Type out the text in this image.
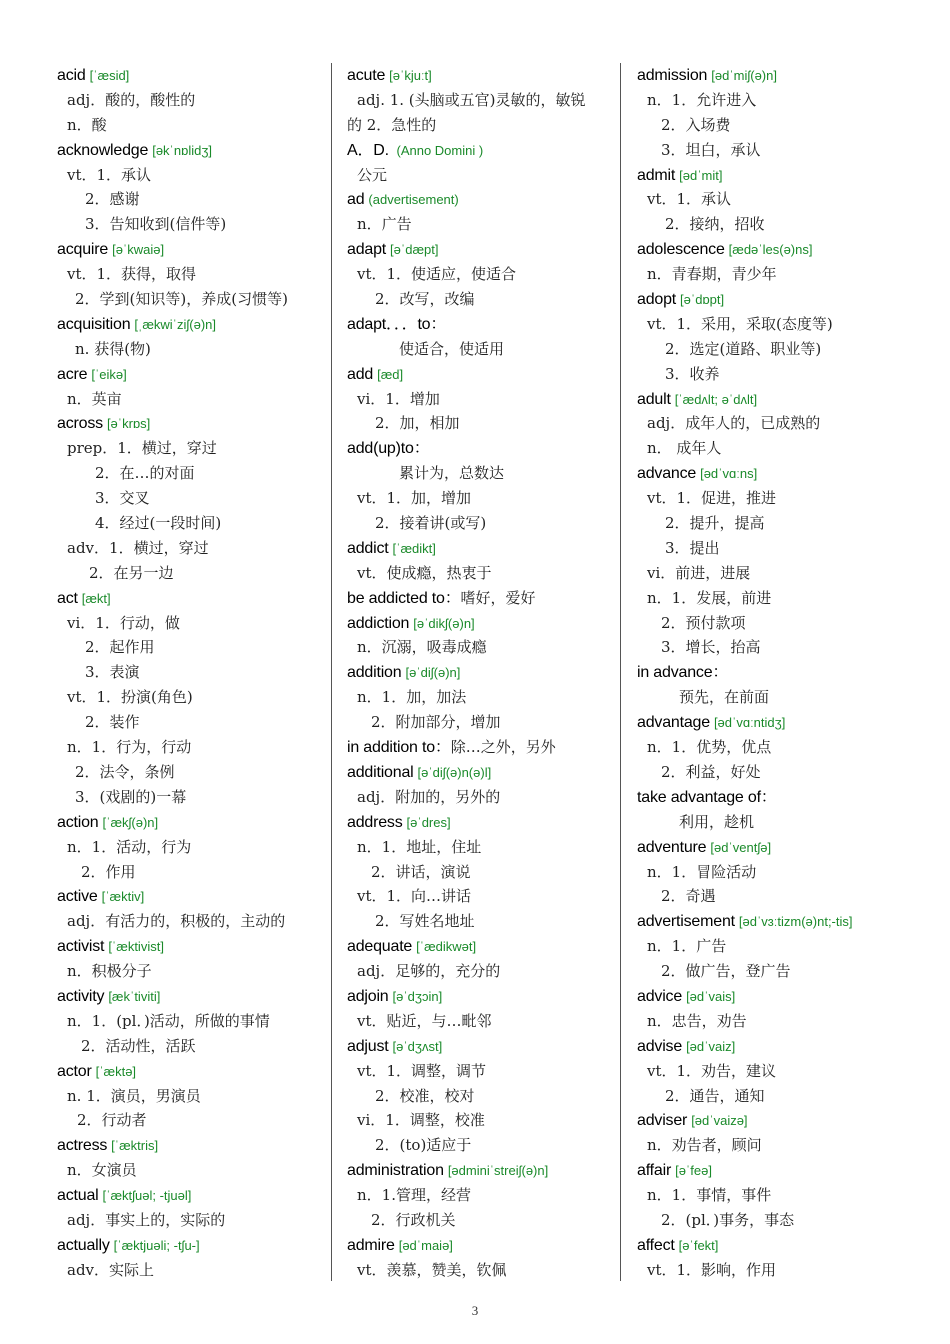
acid [ˈæsid]
adj．酸的，酸性的
n．酸
acknowledge [əkˈnɒlidʒ]
vt．1．承认
2．感谢
3．告知收到(信件等)
acquire [əˈkwaiə]
vt．1．获得，取得
2．学到(知识等)，养成(习惯等)
acquisition [ˌækwiˈziʃ(ə)n]
n. 获得(物)
acre [ˈeikə]
n．英亩
across [əˈkrɒs]
prep．1．横过，穿过
2．在…的对面
3．交叉
4．经过(一段时间)
adv．1．横过，穿过
2．在另一边
act [ækt]
vi．1．行动，做
2．起作用
3．表演
vt．1．扮演(角色)
2．装作
n．1．行为，行动
2．法令，条例
3．(戏剧的)一幕
action [ˈækʃ(ə)n]
n．1．活动，行为
2．作用
active [ˈæktiv]
adj．有活力的，积极的，主动的
activist [ˈæktivist]
n．积极分子
activity [ækˈtiviti]
n．1．(pl．)活动，所做的事情
2．活动性，活跃
actor [ˈæktə]
n. 1．演员，男演员
2．行动者
actress [ˈæktris]
n．女演员
actual [ˈæktʃuəl; -tjuəl]
adj．事实上的，实际的
actually [ˈæktjuəli; -tʃu-]
adv．实际上
acute [əˈkjuːt]
adj. 1. (头脑或五官)灵敏的，敏锐
的 2．急性的
A．D. (Anno Domini )
公元
ad (advertisement)
n．广告
adapt [əˈdæpt]
vt．1．使适应，使适合
2．改写，改编
adapt．．．to：
使适合，使适用
add [æd]
vi．1．增加
2．加，相加
add(up)to：
累计为，总数达
vt．1．加，增加
2．接着讲(或写)
addict [ˈædikt]
vt．使成瘾，热衷于
be addicted to：嗜好，爱好
addiction [əˈdikʃ(ə)n]
n．沉溺，吸毒成瘾
addition [əˈdiʃ(ə)n]
n．1．加，加法
2．附加部分，增加
in addition to：除…之外，另外
additional [əˈdiʃ(ə)n(ə)l]
adj．附加的，另外的
address [əˈdres]
n．1．地址，住址
2．讲话，演说
vt．1．向…讲话
2．写姓名地址
adequate [ˈædikwət]
adj．足够的，充分的
adjoin [əˈdʒɔin]
vt．贴近，与…毗邻
adjust [əˈdʒʌst]
vt．1．调整，调节
2．校准，校对
vi．1．调整，校准
2．(to)适应于
administration [ədminiˈstreiʃ(ə)n]
n．1.管理，经营
2．行政机关
admire [ədˈmaiə]
vt．羡慕，赞美，钦佩
admission [ədˈmiʃ(ə)n]
n．1．允许进入
2．入场费
3．坦白，承认
admit [ədˈmit]
vt．1．承认
2．接纳，招收
adolescence [ædəˈles(ə)ns]
n．青春期，青少年
adopt [əˈdɒpt]
vt．1．采用，采取(态度等)
2．选定(道路、职业等)
3．收养
adult [ˈædʌlt; əˈdʌlt]
adj．成年人的，已成熟的
n． 成年人
advance [ədˈvɑːns]
vt．1．促进，推进
2．提升，提高
3．提出
vi．前进，进展
n．1．发展，前进
2．预付款项
3．增长，抬高
in advance：
预先，在前面
advantage [ədˈvɑːntidʒ]
n．1．优势，优点
2．利益，好处
take advantage of：
利用，趁机
adventure [ədˈventʃə]
n．1．冒险活动
2．奇遇
advertisement [ədˈvɜːtizm(ə)nt;-tis]
n．1．广告
2．做广告，登广告
advice [ədˈvais]
n．忠告，劝告
advise [ədˈvaiz]
vt．1．劝告，建议
2．通告，通知
adviser [ədˈvaizə]
n．劝告者，顾问
affair [əˈfeə]
n．1．事情，事件
2．(pl．)事务，事态
affect [əˈfekt]
vt．1．影响，作用
3
